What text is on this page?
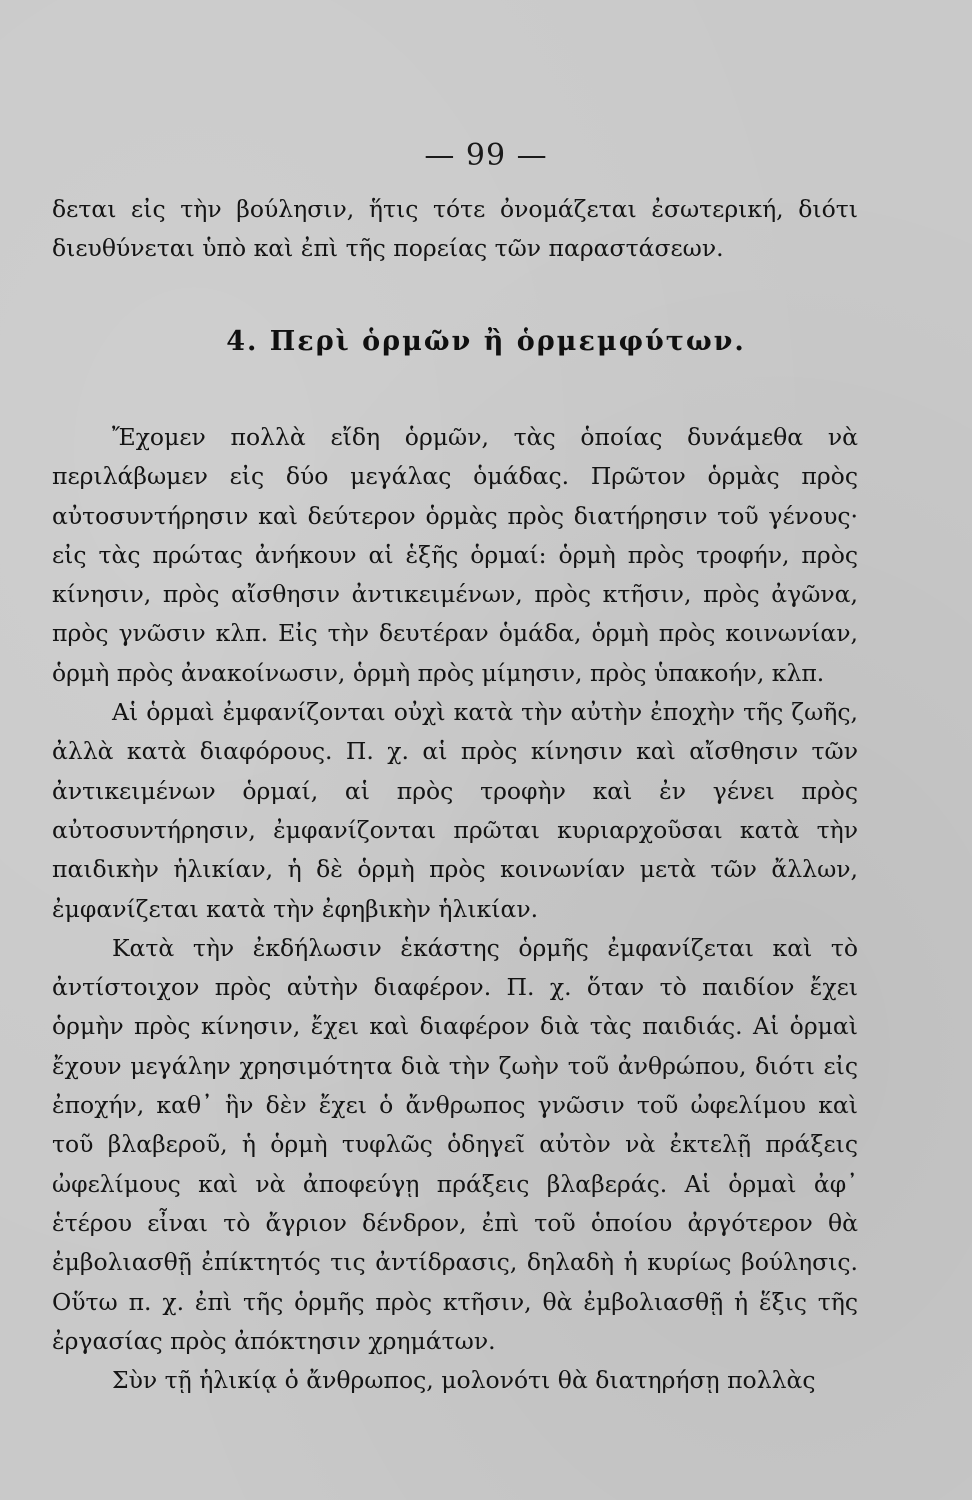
— 99 —

δεται εἰς τὴν βούλησιν, ἥτις τότε ὀνομάζεται ἐσωτερική, διότι διευθύνεται ὑπὸ καὶ ἐπὶ τῆς πορείας τῶν παραστάσεων.

4. Περὶ ὁρμῶν ἢ ὁρμεμφύτων.

Ἔχομεν πολλὰ εἴδη ὁρμῶν, τὰς ὁποίας δυνάμεθα νὰ περιλάβωμεν εἰς δύο μεγάλας ὁμάδας. Πρῶτον ὁρμὰς πρὸς αὐτοσυντήρησιν καὶ δεύτερον ὁρμὰς πρὸς διατήρησιν τοῦ γένους· εἰς τὰς πρώτας ἀνήκουν αἱ ἑξῆς ὁρμαί: ὁρμὴ πρὸς τροφήν, πρὸς κίνησιν, πρὸς αἴσθησιν ἀντικειμένων, πρὸς κτῆσιν, πρὸς ἀγῶνα, πρὸς γνῶσιν κλπ. Εἰς τὴν δευτέραν ὁμάδα, ὁρμὴ πρὸς κοινωνίαν, ὁρμὴ πρὸς ἀνακοίνωσιν, ὁρμὴ πρὸς μίμησιν, πρὸς ὑπακοήν, κλπ.

Αἱ ὁρμαὶ ἐμφανίζονται οὐχὶ κατὰ τὴν αὐτὴν ἐποχὴν τῆς ζωῆς, ἀλλὰ κατὰ διαφόρους. Π. χ. αἱ πρὸς κίνησιν καὶ αἴσθησιν τῶν ἀντικειμένων ὁρμαί, αἱ πρὸς τροφὴν καὶ ἐν γένει πρὸς αὐτοσυντήρησιν, ἐμφανίζονται πρῶται κυριαρχοῦσαι κατὰ τὴν παιδικὴν ἡλικίαν, ἡ δὲ ὁρμὴ πρὸς κοινωνίαν μετὰ τῶν ἄλλων, ἐμφανίζεται κατὰ τὴν ἐφηβικὴν ἡλικίαν.

Κατὰ τὴν ἐκδήλωσιν ἑκάστης ὁρμῆς ἐμφανίζεται καὶ τὸ ἀντίστοιχον πρὸς αὐτὴν διαφέρον. Π. χ. ὅταν τὸ παιδίον ἔχει ὁρμὴν πρὸς κίνησιν, ἔχει καὶ διαφέρον διὰ τὰς παιδιάς. Αἱ ὁρμαὶ ἔχουν μεγάλην χρησιμότητα διὰ τὴν ζωὴν τοῦ ἀνθρώπου, διότι εἰς ἐποχήν, καθ᾽ ἣν δὲν ἔχει ὁ ἄνθρωπος γνῶσιν τοῦ ὠφελίμου καὶ τοῦ βλαβεροῦ, ἡ ὁρμὴ τυφλῶς ὁδηγεῖ αὐτὸν νὰ ἐκτελῇ πράξεις ὠφελίμους καὶ νὰ ἀποφεύγῃ πράξεις βλαβεράς. Αἱ ὁρμαὶ ἀφ᾽ ἑτέρου εἶναι τὸ ἄγριον δένδρον, ἐπὶ τοῦ ὁποίου ἀργότερον θὰ ἐμβολιασθῇ ἐπίκτητός τις ἀντίδρασις, δηλαδὴ ἡ κυρίως βούλησις. Οὕτω π. χ. ἐπὶ τῆς ὁρμῆς πρὸς κτῆσιν, θὰ ἐμβολιασθῇ ἡ ἕξις τῆς ἐργασίας πρὸς ἀπόκτησιν χρημάτων.

Σὺν τῇ ἡλικίᾳ ὁ ἄνθρωπος, μολονότι θὰ διατηρήσῃ πολλὰς
